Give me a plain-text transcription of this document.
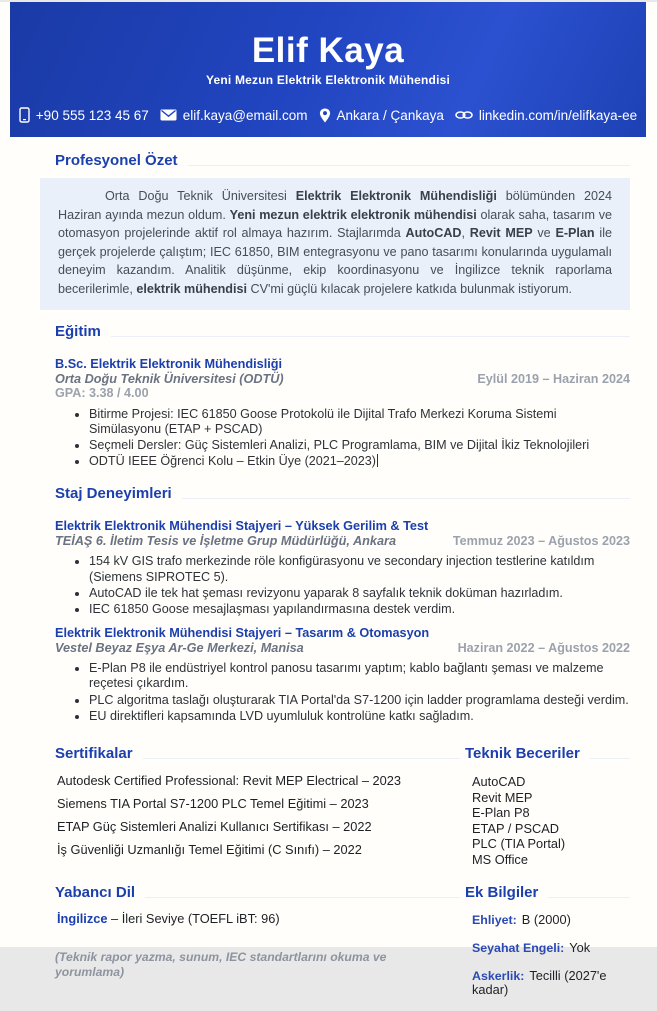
Elif Kaya
Yeni Mezun Elektrik Elektronik Mühendisi
+90 555 123 45 67	elif.kaya@email.com Ankara / Çankaya	linkedin.com/in/elifkaya-ee
Profesyonel Özet
Orta Doğu Teknik Üniversitesi Elektrik Elektronik Mühendisliği bölümünden 2024 Haziran ayında mezun oldum. Yeni mezun elektrik elektronik mühendisi olarak saha, tasarım ve otomasyon projelerinde aktif rol almaya hazırım. Stajlarımda AutoCAD, Revit MEP ve E-Plan ile gerçek projelerde çalıştım; IEC 61850, BIM entegrasyonu ve pano tasarımı konularında uygulamalı deneyim kazandım. Analitik düşünme, ekip koordinasyonu ve İngilizce teknik raporlama becerilerimle, elektrik mühendisi CV'mi güçlü kılacak projelere katkıda bulunmak istiyorum.
Eğitim
B.Sc. Elektrik Elektronik Mühendisliği
Orta Doğu Teknik Üniversitesi (ODTÜ)	Eylül 2019 – Haziran 2024
GPA: 3.38 / 4.00
• Bitirme Projesi: IEC 61850 Goose Protokolü ile Dijital Trafo Merkezi Koruma Sistemi Simülasyonu (ETAP + PSCAD)
• Seçmeli Dersler: Güç Sistemleri Analizi, PLC Programlama, BIM ve Dijital İkiz Teknolojileri
• ODTÜ IEEE Öğrenci Kolu – Etkin Üye (2021–2023)
Staj Deneyimleri
Elektrik Elektronik Mühendisi Stajyeri – Yüksek Gerilim & Test
TEİAŞ 6. İletim Tesis ve İşletme Grup Müdürlüğü, Ankara	Temmuz 2023 – Ağustos 2023
• 154 kV GIS trafo merkezinde röle konfigürasyonu ve secondary injection testlerine katıldım (Siemens SIPROTEC 5).
• AutoCAD ile tek hat şeması revizyonu yaparak 8 sayfalık teknik doküman hazırladım.
• IEC 61850 Goose mesajlaşması yapılandırmasına destek verdim.
Elektrik Elektronik Mühendisi Stajyeri – Tasarım & Otomasyon
Vestel Beyaz Eşya Ar-Ge Merkezi, Manisa	Haziran 2022 – Ağustos 2022
• E-Plan P8 ile endüstriyel kontrol panosu tasarımı yaptım; kablo bağlantı şeması ve malzeme reçetesi çıkardım.
• PLC algoritma taslağı oluşturarak TIA Portal'da S7-1200 için ladder programlama desteği verdim.
• EU direktifleri kapsamında LVD uyumluluk kontrolüne katkı sağladım.
Sertifikalar
Autodesk Certified Professional: Revit MEP Electrical – 2023
Siemens TIA Portal S7-1200 PLC Temel Eğitimi – 2023
ETAP Güç Sistemleri Analizi Kullanıcı Sertifikası – 2022
İş Güvenliği Uzmanlığı Temel Eğitimi (C Sınıfı) – 2022
Yabancı Dil
İngilizce – İleri Seviye (TOEFL iBT: 96)
(Teknik rapor yazma, sunum, IEC standartlarını okuma ve yorumlama)
Teknik Beceriler
AutoCAD
Revit MEP
E-Plan P8
ETAP / PSCAD
PLC (TIA Portal)
MS Office
Ek Bilgiler
Ehliyet: B (2000)
Seyahat Engeli: Yok
Askerlik: Tecilli (2027'e kadar)
